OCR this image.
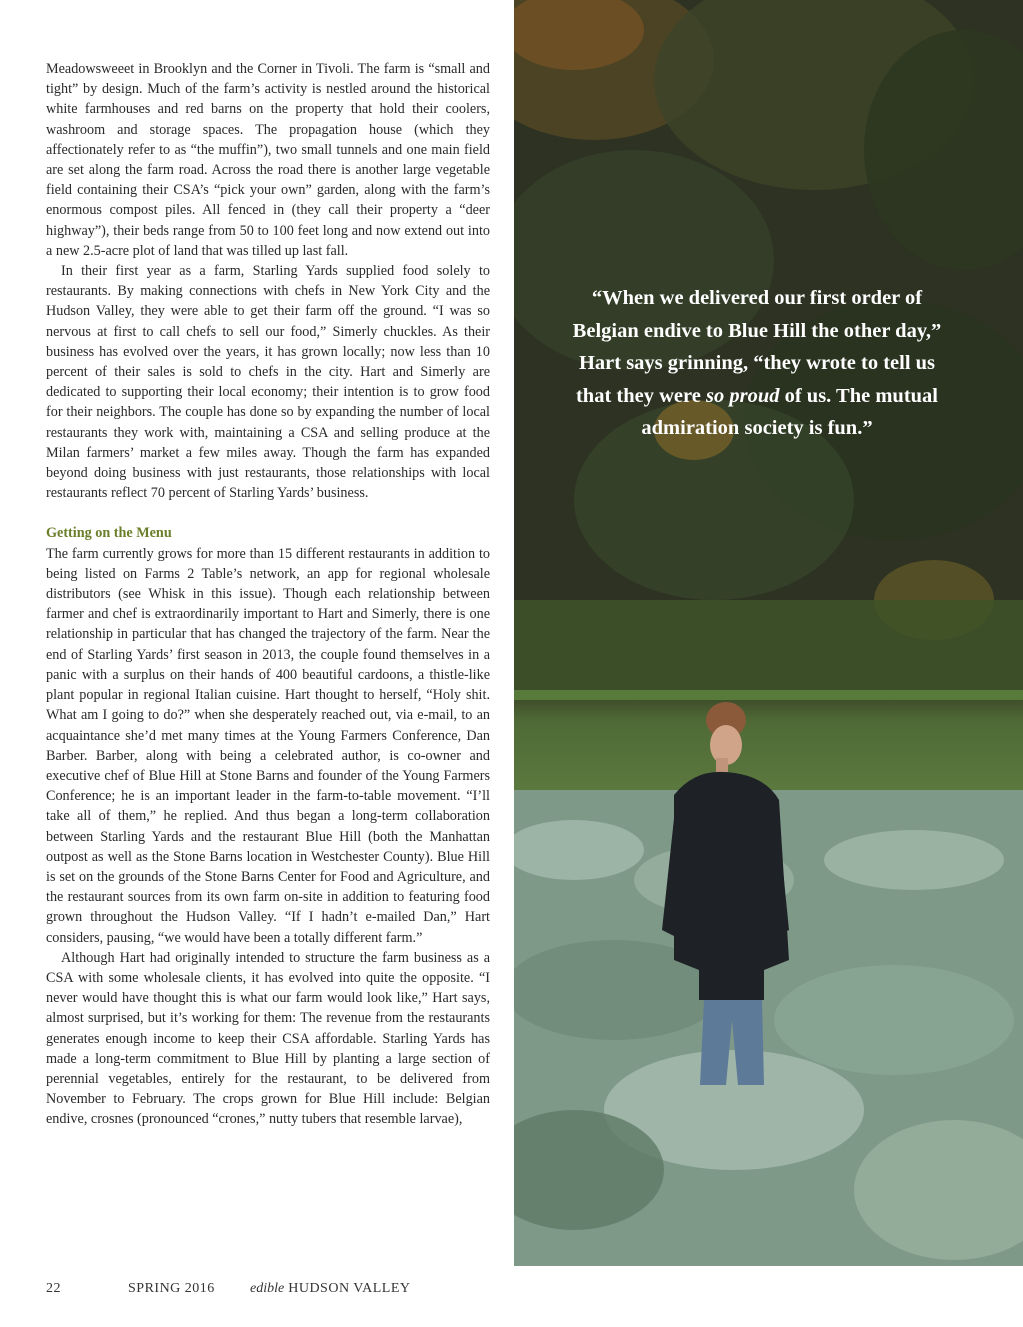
Meadowsweeet in Brooklyn and the Corner in Tivoli. The farm is “small and tight” by design. Much of the farm’s activity is nestled around the historical white farmhouses and red barns on the property that hold their coolers, washroom and storage spaces. The propagation house (which they affectionately refer to as “the muffin”), two small tunnels and one main field are set along the farm road. Across the road there is another large vegetable field containing their CSA’s “pick your own” garden, along with the farm’s enormous compost piles. All fenced in (they call their property a “deer highway”), their beds range from 50 to 100 feet long and now extend out into a new 2.5-acre plot of land that was tilled up last fall.

In their first year as a farm, Starling Yards supplied food solely to restaurants. By making connections with chefs in New York City and the Hudson Valley, they were able to get their farm off the ground. “I was so nervous at first to call chefs to sell our food,” Simerly chuckles. As their business has evolved over the years, it has grown locally; now less than 10 percent of their sales is sold to chefs in the city. Hart and Simerly are dedicated to supporting their local economy; their intention is to grow food for their neighbors. The couple has done so by expanding the number of local restaurants they work with, maintaining a CSA and selling produce at the Milan farmers’ market a few miles away. Though the farm has expanded beyond doing business with just restaurants, those relationships with local restaurants reflect 70 percent of Starling Yards’ business.

Getting on the Menu

The farm currently grows for more than 15 different restaurants in addition to being listed on Farms 2 Table’s network, an app for regional wholesale distributors (see Whisk in this issue). Though each relationship between farmer and chef is extraordinarily important to Hart and Simerly, there is one relationship in particular that has changed the trajectory of the farm. Near the end of Starling Yards’ first season in 2013, the couple found themselves in a panic with a surplus on their hands of 400 beautiful cardoons, a thistle-like plant popular in regional Italian cuisine. Hart thought to herself, “Holy shit. What am I going to do?” when she desperately reached out, via e-mail, to an acquaintance she’d met many times at the Young Farmers Conference, Dan Barber. Barber, along with being a celebrated author, is co-owner and executive chef of Blue Hill at Stone Barns and founder of the Young Farmers Conference; he is an important leader in the farm-to-table movement. “I’ll take all of them,” he replied. And thus began a long-term collaboration between Starling Yards and the restaurant Blue Hill (both the Manhattan outpost as well as the Stone Barns location in Westchester County). Blue Hill is set on the grounds of the Stone Barns Center for Food and Agriculture, and the restaurant sources from its own farm on-site in addition to featuring food grown throughout the Hudson Valley. “If I hadn’t e-mailed Dan,” Hart considers, pausing, “we would have been a totally different farm.”

Although Hart had originally intended to structure the farm business as a CSA with some wholesale clients, it has evolved into quite the opposite. “I never would have thought this is what our farm would look like,” Hart says, almost surprised, but it’s working for them: The revenue from the restaurants generates enough income to keep their CSA affordable. Starling Yards has made a long-term commitment to Blue Hill by planting a large section of perennial vegetables, entirely for the restaurant, to be delivered from November to February. The crops grown for Blue Hill include: Belgian endive, crosnes (pronounced “crones,” nutty tubers that resemble larvae),

“When we delivered our first order of Belgian endive to Blue Hill the other day,” Hart says grinning, “they wrote to tell us that they were so proud of us. The mutual admiration society is fun.”
22	SPRING 2016	edible HUDSON VALLEY
